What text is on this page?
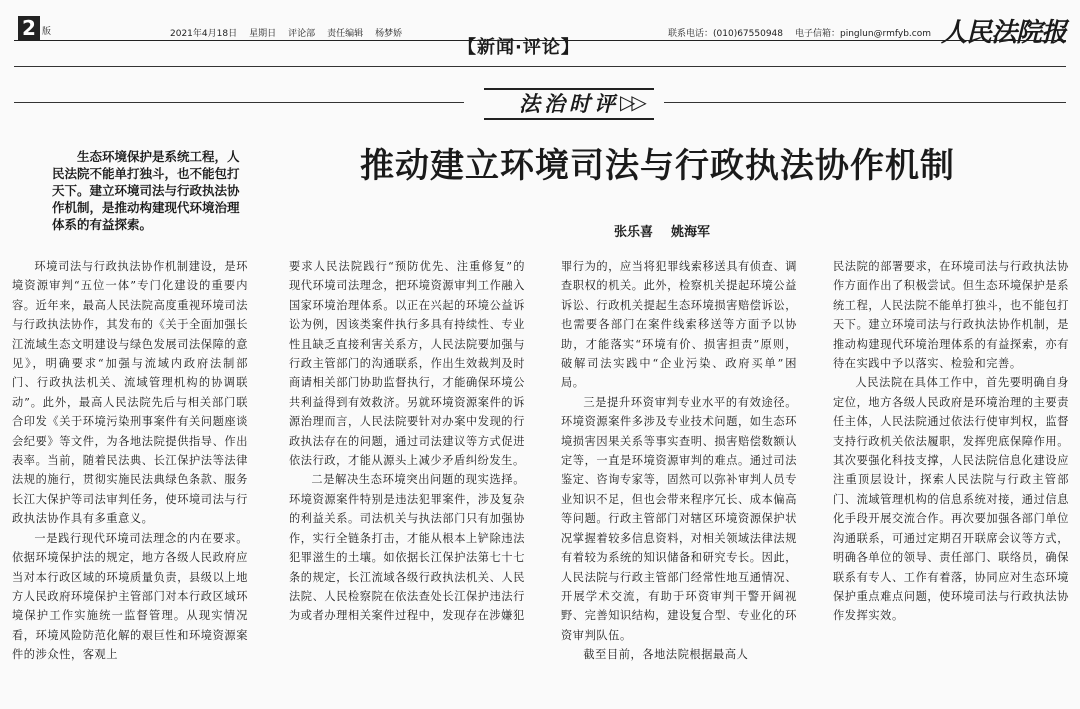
2 版	2021年4月18日 星期日 评论部 责任编辑 杨梦娇
【新闻·评论】
联系电话：(010)67550948 电子信箱：pinglun@rmfyb.com 人民法院报
法治时评 ▷▷
生态环境保护是系统工程，人民法院不能单打独斗，也不能包打天下。建立环境司法与行政执法协作机制，是推动构建现代环境治理体系的有益探索。
推动建立环境司法与行政执法协作机制
张乐喜 姚海军

环境司法与行政执法协作机制建设，是环境资源审判“五位一体”专门化建设的重要内容。近年来，最高人民法院高度重视环境司法与行政执法协作，其发布的《关于全面加强长江流域生态文明建设与绿色发展司法保障的意见》，明确要求“加强与流域内政府法制部门、行政执法机关、流域管理机构的协调联动”。此外，最高人民法院先后与相关部门联合印发《关于环境污染刑事案件有关问题座谈会纪要》等文件，为各地法院提供指导、作出表率。当前，随着民法典、长江保护法等法律法规的施行，贯彻实施民法典绿色条款、服务长江大保护等司法审判任务，使环境司法与行政执法协作具有多重意义。

一是践行现代环境司法理念的内在要求。依据环境保护法的规定，地方各级人民政府应当对本行政区域的环境质量负责，县级以上地方人民政府环境保护主管部门对本行政区域环境保护工作实施统一监督管理。从现实情况看，环境风险防范化解的艰巨性和环境资源案件的涉众性，客观上

要求人民法院践行“预防优先、注重修复”的现代环境司法理念，把环境资源审判工作融入国家环境治理体系。以正在兴起的环境公益诉讼为例，因该类案件执行多具有持续性、专业性且缺乏直接利害关系方，人民法院要加强与行政主管部门的沟通联系，作出生效裁判及时商请相关部门协助监督执行，才能确保环境公共利益得到有效救济。另就环境资源案件的诉源治理而言，人民法院要针对办案中发现的行政执法存在的问题，通过司法建议等方式促进依法行政，才能从源头上减少矛盾纠纷发生。

二是解决生态环境突出问题的现实选择。环境资源案件特别是违法犯罪案件，涉及复杂的利益关系。司法机关与执法部门只有加强协作，实行全链条打击，才能从根本上铲除违法犯罪滋生的土壤。如依据长江保护法第七十七条的规定，长江流域各级行政执法机关、人民法院、人民检察院在依法查处长江保护违法行为或者办理相关案件过程中，发现存在涉嫌犯

罪行为的，应当将犯罪线索移送具有侦查、调查职权的机关。此外，检察机关提起环境公益诉讼、行政机关提起生态环境损害赔偿诉讼，也需要各部门在案件线索移送等方面予以协助，才能落实“环境有价、损害担责”原则，破解司法实践中“企业污染、政府买单”困局。

三是提升环资审判专业水平的有效途径。环境资源案件多涉及专业技术问题，如生态环境损害因果关系等事实查明、损害赔偿数额认定等，一直是环境资源审判的难点。通过司法鉴定、咨询专家等，固然可以弥补审判人员专业知识不足，但也会带来程序冗长、成本偏高等问题。行政主管部门对辖区环境资源保护状况掌握着较多信息资料，对相关领域法律法规有着较为系统的知识储备和研究专长。因此，人民法院与行政主管部门经常性地互通情况、开展学术交流，有助于环资审判干警开阔视野、完善知识结构，建设复合型、专业化的环资审判队伍。

截至目前，各地法院根据最高人

民法院的部署要求，在环境司法与行政执法协作方面作出了积极尝试。但生态环境保护是系统工程，人民法院不能单打独斗，也不能包打天下。建立环境司法与行政执法协作机制，是推动构建现代环境治理体系的有益探索，亦有待在实践中予以落实、检验和完善。

人民法院在具体工作中，首先要明确自身定位，地方各级人民政府是环境治理的主要责任主体，人民法院通过依法行使审判权，监督支持行政机关依法履职，发挥兜底保障作用。其次要强化科技支撑，人民法院信息化建设应注重顶层设计，探索人民法院与行政主管部门、流域管理机构的信息系统对接，通过信息化手段开展交流合作。再次要加强各部门单位沟通联系，可通过定期召开联席会议等方式，明确各单位的领导、责任部门、联络员，确保联系有专人、工作有着落，协同应对生态环境保护重点难点问题，使环境司法与行政执法协作发挥实效。
